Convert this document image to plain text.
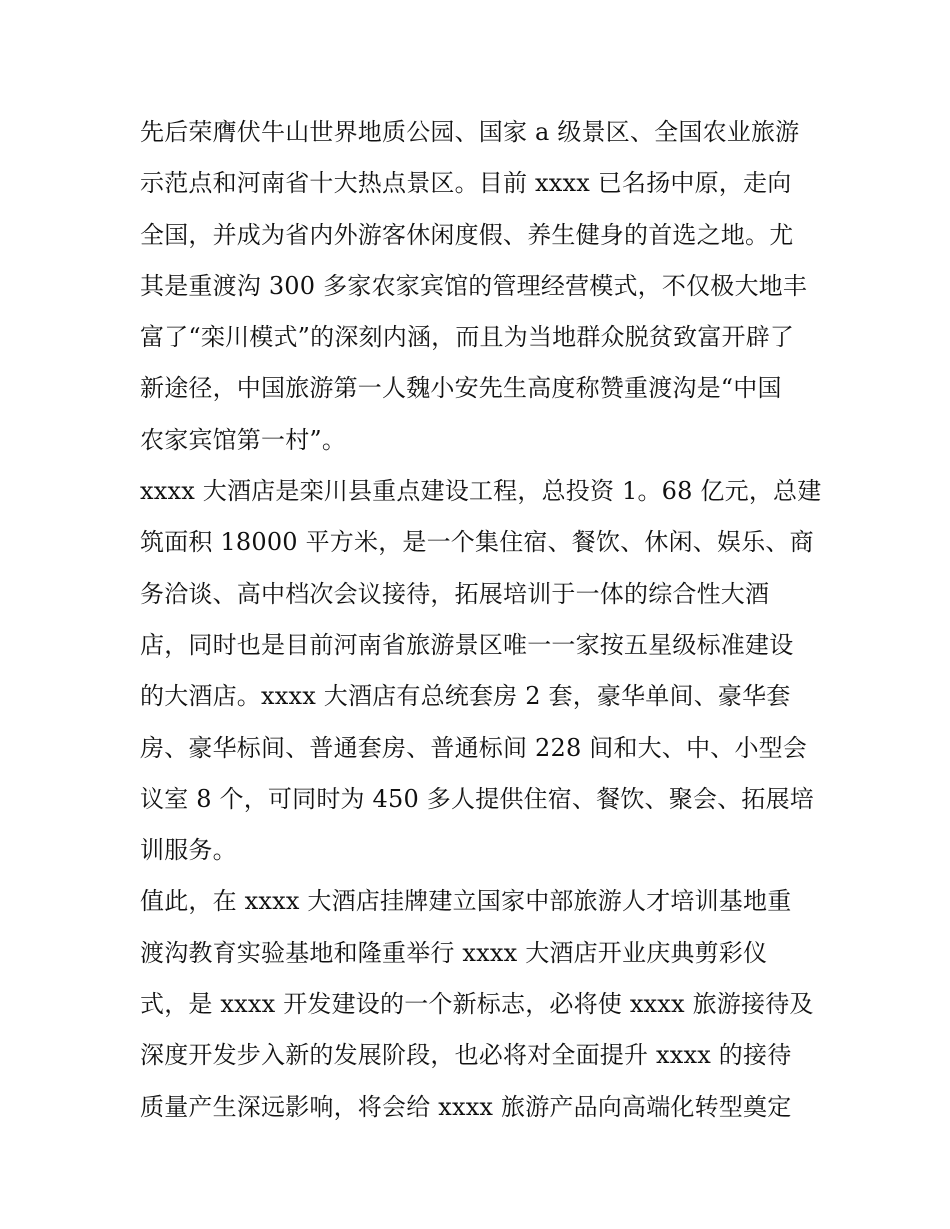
先后荣膺伏牛山世界地质公园、国家 a 级景区、全国农业旅游
示范点和河南省十大热点景区。目前 xxxx 已名扬中原，走向
全国，并成为省内外游客休闲度假、养生健身的首选之地。尤
其是重渡沟 300 多家农家宾馆的管理经营模式，不仅极大地丰
富了“栾川模式”的深刻内涵，而且为当地群众脱贫致富开辟了
新途径，中国旅游第一人魏小安先生高度称赞重渡沟是“中国
农家宾馆第一村”。
xxxx 大酒店是栾川县重点建设工程，总投资 1。68 亿元，总建
筑面积 18000 平方米，是一个集住宿、餐饮、休闲、娱乐、商
务洽谈、高中档次会议接待，拓展培训于一体的综合性大酒
店，同时也是目前河南省旅游景区唯一一家按五星级标准建设
的大酒店。xxxx 大酒店有总统套房 2 套，豪华单间、豪华套
房、豪华标间、普通套房、普通标间 228 间和大、中、小型会
议室 8 个，可同时为 450 多人提供住宿、餐饮、聚会、拓展培
训服务。
值此，在 xxxx 大酒店挂牌建立国家中部旅游人才培训基地重
渡沟教育实验基地和隆重举行 xxxx 大酒店开业庆典剪彩仪
式，是 xxxx 开发建设的一个新标志，必将使 xxxx 旅游接待及
深度开发步入新的发展阶段，也必将对全面提升 xxxx 的接待
质量产生深远影响，将会给 xxxx 旅游产品向高端化转型奠定
